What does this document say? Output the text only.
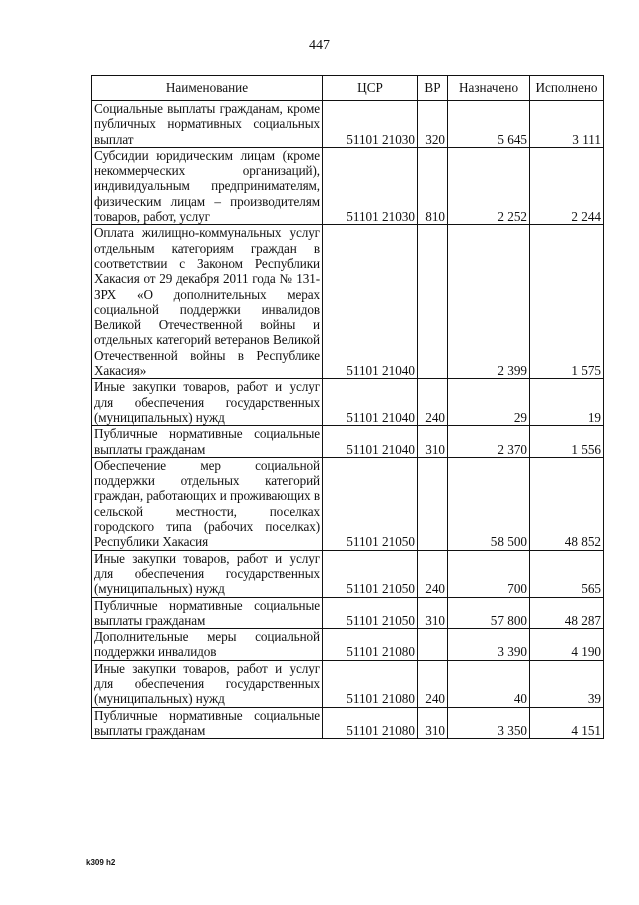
447
Наименование	ЦСР	ВР	Назначено	Исполнено
Социальные выплаты гражданам, кроме публичных нормативных социальных выплат	51101 21030	320	5 645	3 111
Субсидии юридическим лицам (кроме некоммерческих организаций), индивидуальным предпринимателям, физическим лицам – производителям товаров, работ, услуг	51101 21030	810	2 252	2 244
Оплата жилищно-коммунальных услуг отдельным категориям граждан в соответствии с Законом Республики Хакасия от 29 декабря 2011 года № 131-ЗРХ «О дополнительных мерах социальной поддержки инвалидов Великой Отечественной войны и отдельных категорий ветеранов Великой Отечественной войны в Республике Хакасия»	51101 21040		2 399	1 575
Иные закупки товаров, работ и услуг для обеспечения государственных (муниципальных) нужд	51101 21040	240	29	19
Публичные нормативные социальные выплаты гражданам	51101 21040	310	2 370	1 556
Обеспечение мер социальной поддержки отдельных категорий граждан, работающих и проживающих в сельской местности, поселках городского типа (рабочих поселках) Республики Хакасия	51101 21050		58 500	48 852
Иные закупки товаров, работ и услуг для обеспечения государственных (муниципальных) нужд	51101 21050	240	700	565
Публичные нормативные социальные выплаты гражданам	51101 21050	310	57 800	48 287
Дополнительные меры социальной поддержки инвалидов	51101 21080		3 390	4 190
Иные закупки товаров, работ и услуг для обеспечения государственных (муниципальных) нужд	51101 21080	240	40	39
Публичные нормативные социальные выплаты гражданам	51101 21080	310	3 350	4 151
k309 h2
